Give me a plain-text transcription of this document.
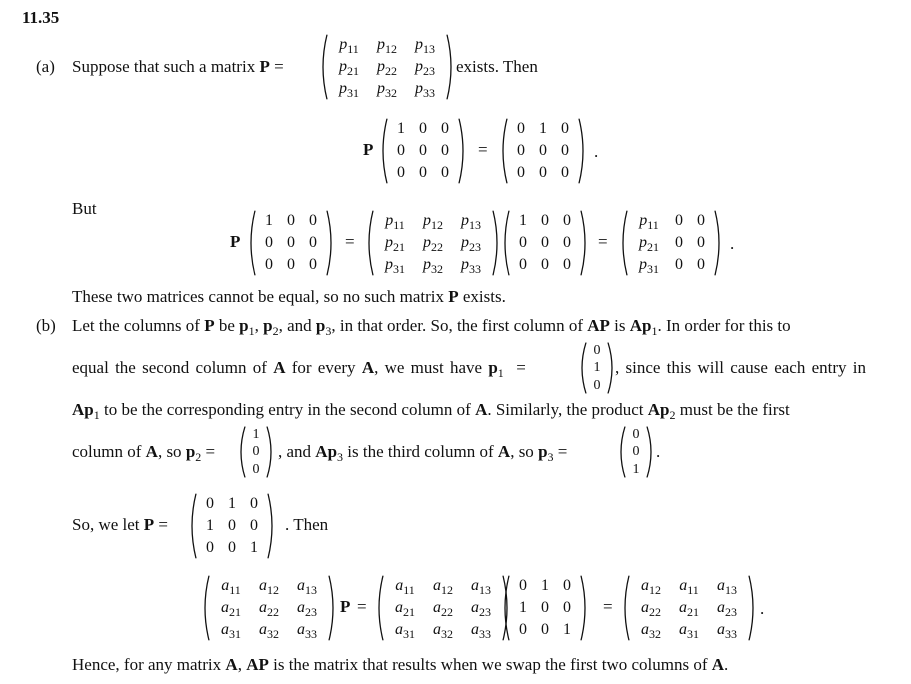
11.35
(a) Suppose that such a matrix P =
$p_{11}$	$p_{12}$	$p_{13}$
$p_{21}$	$p_{22}$	$p_{23}$
$p_{31}$	$p_{32}$	$p_{33}$
exists. Then
P
1 0 0
0 0 0
0 0 0
=
0 1 0
0 0 0
0 0 0
.
But
P
1 0 0
0 0 0
0 0 0
=
$p_{11}$	$p_{12}$	$p_{13}$
$p_{21}$	$p_{22}$	$p_{23}$
$p_{31}$	$p_{32}$	$p_{33}$
1 0 0
0 0 0
0 0 0
=
$p_{11}$	0 0
$p_{21}$	0 0
$p_{31}$	0 0
.
These two matrices cannot be equal, so no such matrix P exists.
(b) Let the columns of P be $p_1$, $p_2$, and $p_3$, in that order. So, the first column of AP is $Ap_1$. In order for this to
equal the second column of A for every A, we must have $p_1$  =
0
1
0
, since this will cause each entry in
$Ap_1$ to be the corresponding entry in the second column of A. Similarly, the product $Ap_2$ must be the first
column of A, so $p_2$ =
1
0
0
, and $Ap_3$ is the third column of A, so $p_3$ =
0
0
1
.
So, we let P =
0 1 0
1 0 0
0 0 1
. Then
$a_{11}$	$a_{12}$	$a_{13}$
$a_{21}$	$a_{22}$	$a_{23}$
$a_{31}$	$a_{32}$	$a_{33}$
P =
$a_{11}$	$a_{12}$	$a_{13}$
$a_{21}$	$a_{22}$	$a_{23}$
$a_{31}$	$a_{32}$	$a_{33}$
0 1 0
1 0 0
0 0 1
=
$a_{12}$	$a_{11}$	$a_{13}$
$a_{22}$	$a_{21}$	$a_{23}$
$a_{32}$	$a_{31}$	$a_{33}$
.
Hence, for any matrix A, AP is the matrix that results when we swap the first two columns of A.
